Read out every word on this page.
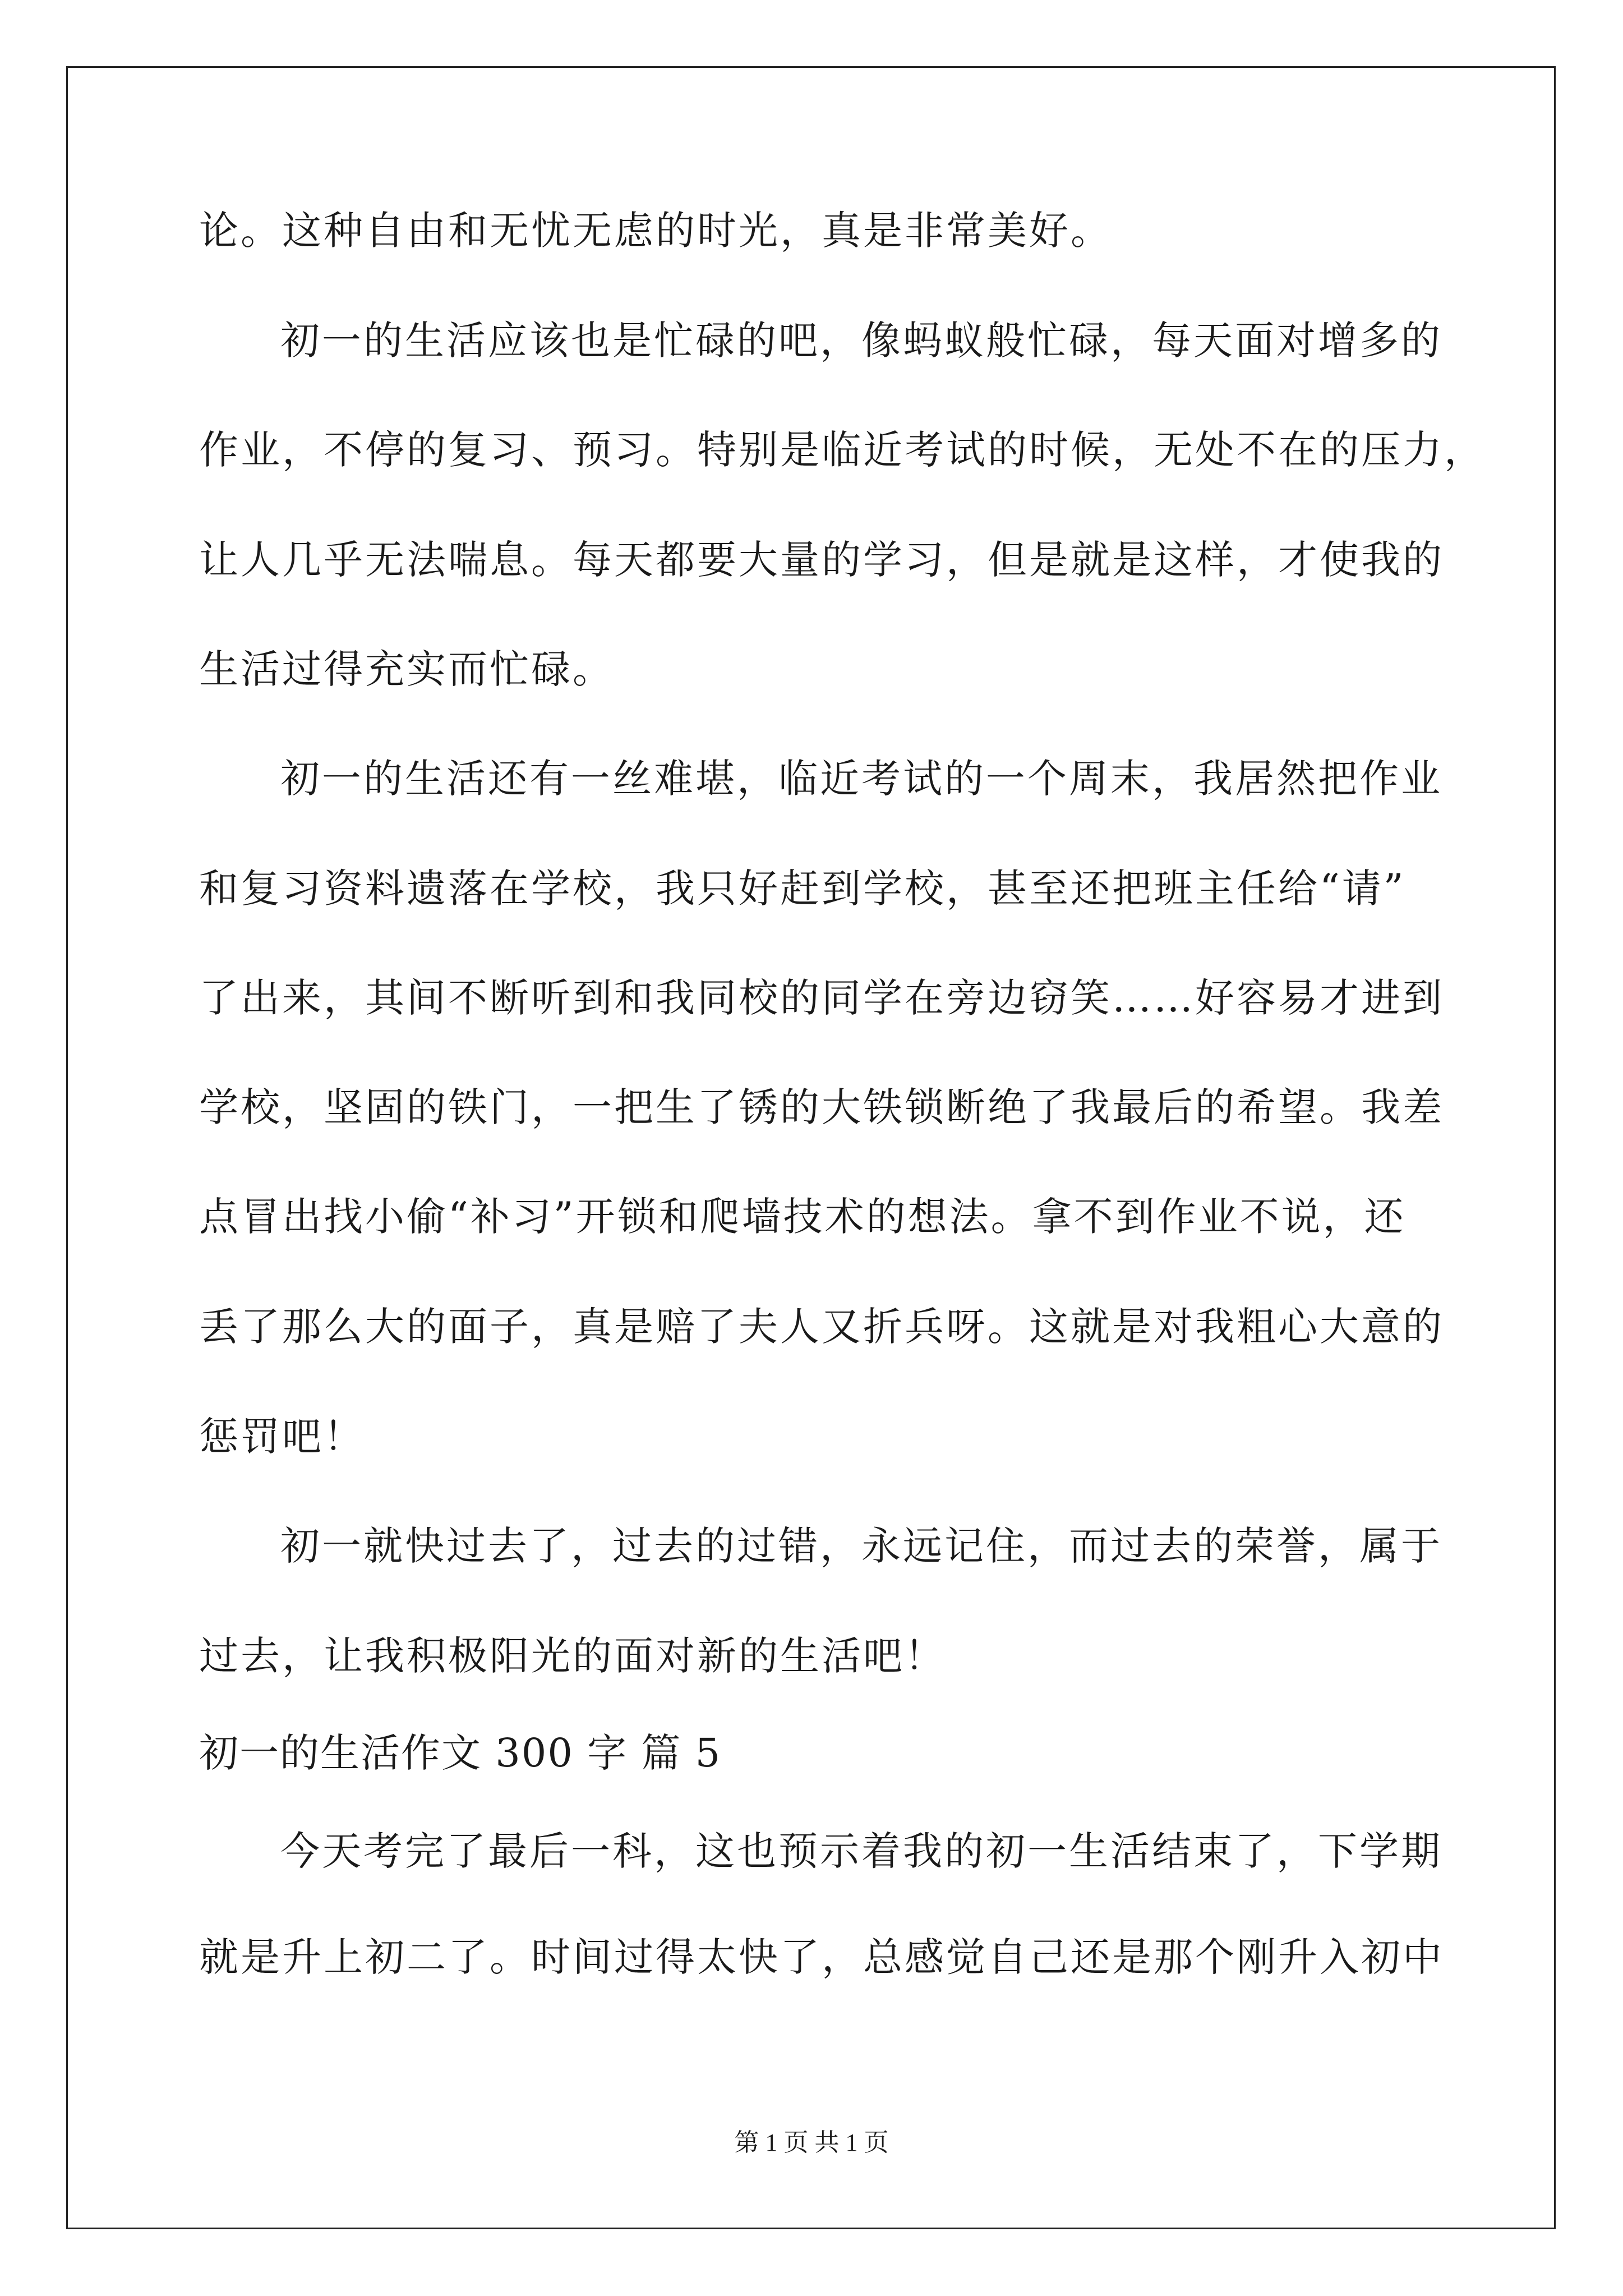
论。这种自由和无忧无虑的时光，真是非常美好。
初一的生活应该也是忙碌的吧，像蚂蚁般忙碌，每天面对增多的
作业，不停的复习、预习。特别是临近考试的时候，无处不在的压力，
让人几乎无法喘息。每天都要大量的学习，但是就是这样，才使我的
生活过得充实而忙碌。
初一的生活还有一丝难堪，临近考试的一个周末，我居然把作业
和复习资料遗落在学校，我只好赶到学校，甚至还把班主任给“请”
了出来，其间不断听到和我同校的同学在旁边窃笑……好容易才进到
学校，坚固的铁门，一把生了锈的大铁锁断绝了我最后的希望。我差
点冒出找小偷“补习”开锁和爬墙技术的想法。拿不到作业不说，还
丢了那么大的面子，真是赔了夫人又折兵呀。这就是对我粗心大意的
惩罚吧！
初一就快过去了，过去的过错，永远记住，而过去的荣誉，属于
过去，让我积极阳光的面对新的生活吧！
初一的生活作文 300 字 篇 5
今天考完了最后一科，这也预示着我的初一生活结束了，下学期
就是升上初二了。时间过得太快了，总感觉自己还是那个刚升入初中
第 1 页 共 1 页
